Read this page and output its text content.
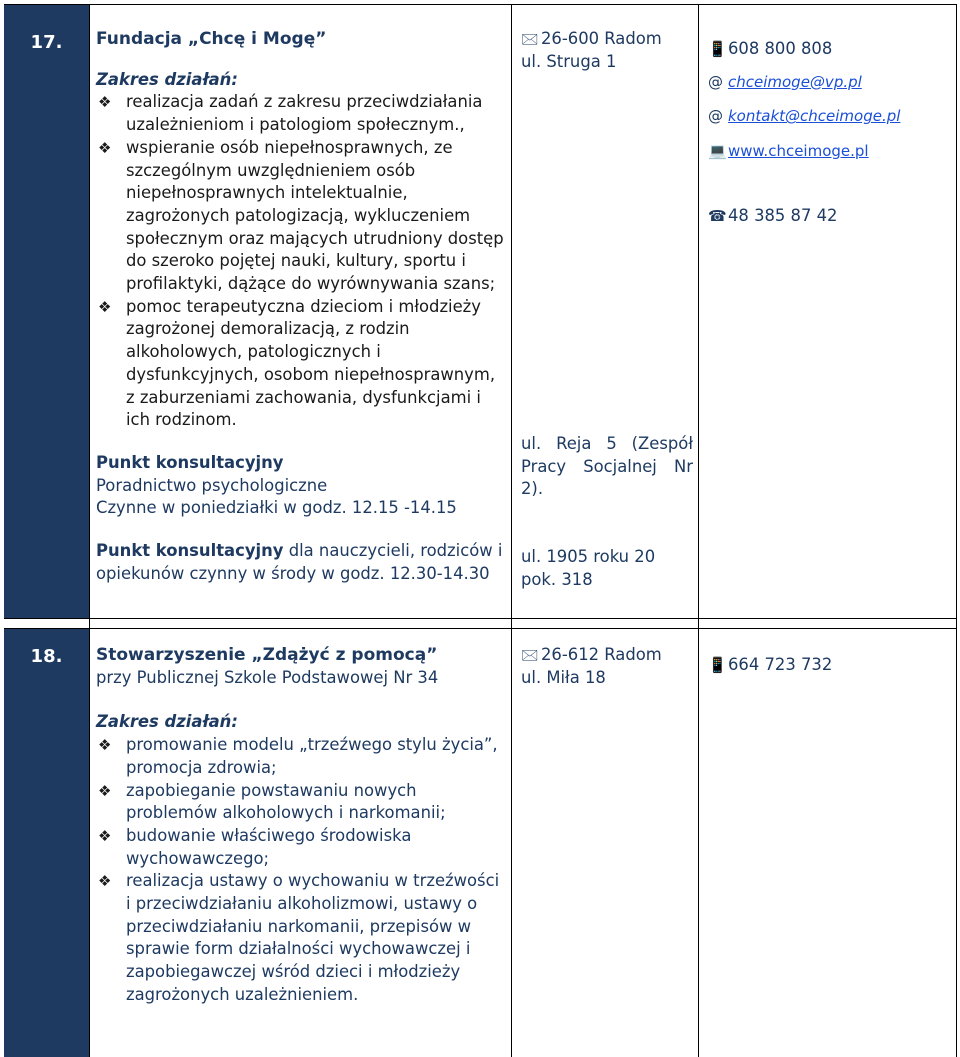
17.
18.
Fundacja „Chcę i Mogę”
Zakres działań:
❖ realizacja zadań z zakresu przeciwdziałania uzależnieniom i patologiom społecznym.,
❖ wspieranie osób niepełnosprawnych, ze szczególnym uwzględnieniem osób niepełnosprawnych intelektualnie, zagrożonych patologizacją, wykluczeniem społecznym oraz mających utrudniony dostęp do szeroko pojętej nauki, kultury, sportu i profilaktyki, dążące do wyrównywania szans;
❖ pomoc terapeutyczna dzieciom i młodzieży zagrożonej demoralizacją, z rodzin alkoholowych, patologicznych i dysfunkcyjnych, osobom niepełnosprawnym, z zaburzeniami zachowania, dysfunkcjami i ich rodzinom.
Punkt konsultacyjny
Poradnictwo psychologiczne
Czynne w poniedziałki w godz. 12.15 -14.15
Punkt konsultacyjny dla nauczycieli, rodziców i opiekunów czynny w środy w godz. 12.30-14.30
🖂 26-600 Radom
ul. Struga 1
ul. Reja 5 (Zespół Pracy Socjalnej Nr 2).
ul. 1905 roku 20
pok. 318
📱608 800 808
@ chceimoge@vp.pl
@ kontakt@chceimoge.pl
💻www.chceimoge.pl
☎48 385 87 42
Stowarzyszenie „Zdążyć z pomocą”
przy Publicznej Szkole Podstawowej Nr 34
Zakres działań:
❖ promowanie modelu „trzeźwego stylu życia”, promocja zdrowia;
❖ zapobieganie powstawaniu nowych problemów alkoholowych i narkomanii;
❖ budowanie właściwego środowiska wychowawczego;
❖ realizacja ustawy o wychowaniu w trzeźwości i przeciwdziałaniu alkoholizmowi, ustawy o przeciwdziałaniu narkomanii, przepisów w sprawie form działalności wychowawczej i zapobiegawczej wśród dzieci i młodzieży zagrożonych uzależnieniem.
🖂 26-612 Radom
ul. Miła 18
📱664 723 732
